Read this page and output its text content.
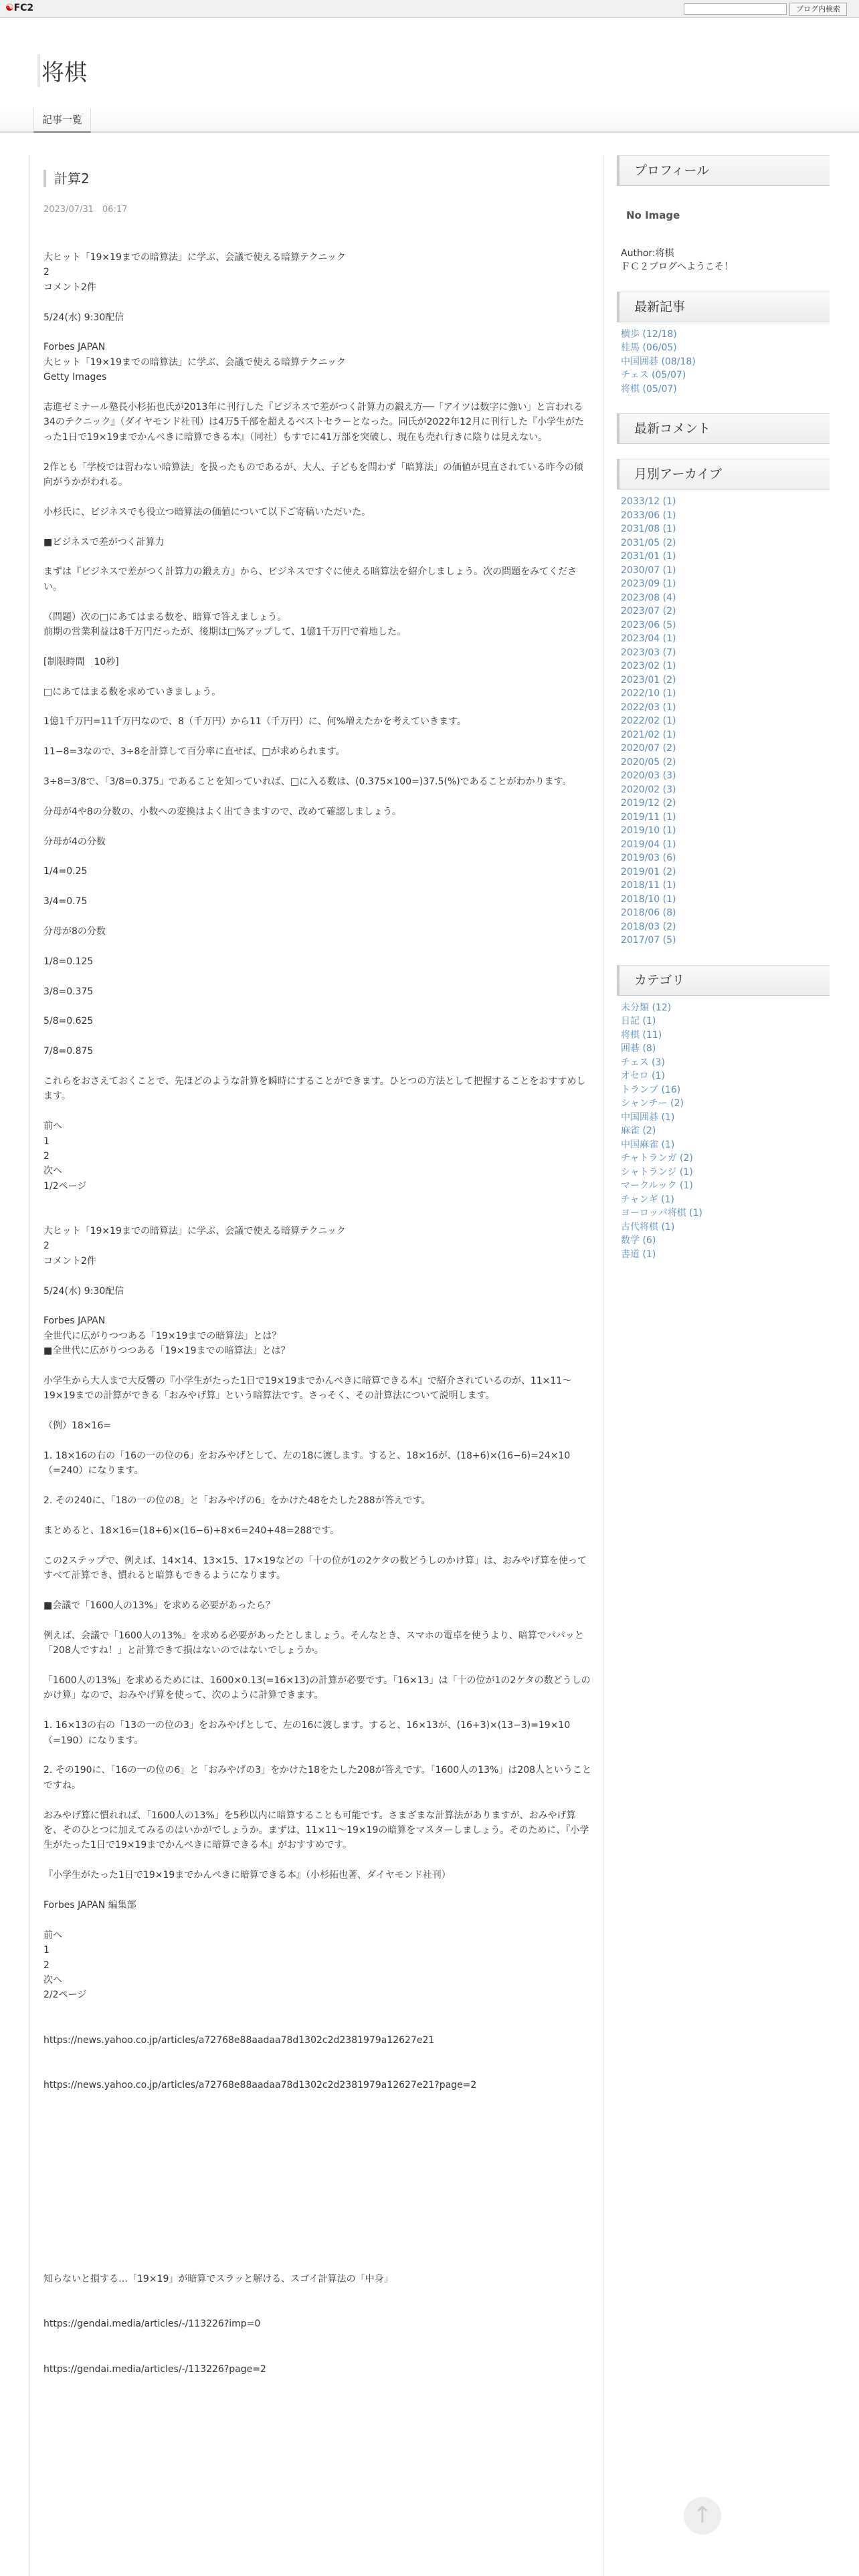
☯FC2	ブログ内検索
将棋
記事一覧
計算2
2023/07/31　06:17

大ヒット「19×19までの暗算法」に学ぶ、会議で使える暗算テクニック
2
コメント2件

5/24(水) 9:30配信

Forbes JAPAN
大ヒット「19×19までの暗算法」に学ぶ、会議で使える暗算テクニック
Getty Images

志進ゼミナール塾長小杉拓也氏が2013年に刊行した『ビジネスで差がつく計算力の鍛え方──「アイツは数字に強い」と言われる34のテクニック』（ダイヤモンド社刊）は4万5千部を超えるベストセラーとなった。同氏が2022年12月に刊行した『小学生がたった1日で19×19までかんぺきに暗算できる本』（同社）もすでに41万部を突破し、現在も売れ行きに陰りは見えない。

2作とも「学校では習わない暗算法」を扱ったものであるが、大人、子どもを問わず「暗算法」の価値が見直されている昨今の傾向がうかがわれる。

小杉氏に、ビジネスでも役立つ暗算法の価値について以下ご寄稿いただいた。

■ビジネスで差がつく計算力

まずは『ビジネスで差がつく計算力の鍛え方』から、ビジネスですぐに使える暗算法を紹介しましょう。次の問題をみてください。

（問題）次の□にあてはまる数を、暗算で答えましょう。
前期の営業利益は8千万円だったが、後期は□%アップして、1億1千万円で着地した。

[制限時間　10秒]

□にあてはまる数を求めていきましょう。

1億1千万円=11千万円なので、8（千万円）から11（千万円）に、何%増えたかを考えていきます。

11−8=3なので、3÷8を計算して百分率に直せば、□が求められます。

3÷8=3/8で、「3/8=0.375」であることを知っていれば、□に入る数は、(0.375×100=)37.5(%)であることがわかります。

分母が4や8の分数の、小数への変換はよく出てきますので、改めて確認しましょう。

分母が4の分数

1/4=0.25

3/4=0.75

分母が8の分数

1/8=0.125

3/8=0.375

5/8=0.625

7/8=0.875

これらをおさえておくことで、先ほどのような計算を瞬時にすることができます。ひとつの方法として把握することをおすすめします。

前へ
1
2
次へ
1/2ページ

大ヒット「19×19までの暗算法」に学ぶ、会議で使える暗算テクニック
2
コメント2件

5/24(水) 9:30配信

Forbes JAPAN
全世代に広がりつつある「19×19までの暗算法」とは？
■全世代に広がりつつある「19×19までの暗算法」とは？

小学生から大人まで大反響の『小学生がたった1日で19×19までかんぺきに暗算できる本』で紹介されているのが、11×11〜19×19までの計算ができる「おみやげ算」という暗算法です。さっそく、その計算法について説明します。

（例）18×16=

1. 18×16の右の「16の一の位の6」をおみやげとして、左の18に渡します。すると、18×16が、(18+6)×(16−6)=24×10（=240）になります。

2. その240に、「18の一の位の8」と「おみやげの6」をかけた48をたした288が答えです。

まとめると、18×16=(18+6)×(16−6)+8×6=240+48=288です。

この2ステップで、例えば、14×14、13×15、17×19などの「十の位が1の2ケタの数どうしのかけ算」は、おみやげ算を使ってすべて計算でき、慣れると暗算もできるようになります。

■会議で「1600人の13%」を求める必要があったら？

例えば、会議で「1600人の13%」を求める必要があったとしましょう。そんなとき、スマホの電卓を使うより、暗算でパパッと「208人ですね！」と計算できて損はないのではないでしょうか。

「1600人の13%」を求めるためには、1600×0.13(=16×13)の計算が必要です。「16×13」は「十の位が1の2ケタの数どうしのかけ算」なので、おみやげ算を使って、次のように計算できます。

1. 16×13の右の「13の一の位の3」をおみやげとして、左の16に渡します。すると、16×13が、(16+3)×(13−3)=19×10（=190）になります。

2. その190に、「16の一の位の6」と「おみやげの3」をかけた18をたした208が答えです。「1600人の13%」は208人ということですね。

おみやげ算に慣れれば、「1600人の13%」を5秒以内に暗算することも可能です。さまざまな計算法がありますが、おみやげ算を、そのひとつに加えてみるのはいかがでしょうか。まずは、11×11〜19×19の暗算をマスターしましょう。そのために、『小学生がたった1日で19×19までかんぺきに暗算できる本』がおすすめです。

『小学生がたった1日で19×19までかんぺきに暗算できる本』（小杉拓也著、ダイヤモンド社刊）

Forbes JAPAN 編集部

前へ
1
2
次へ
2/2ページ

https://news.yahoo.co.jp/articles/a72768e88aadaa78d1302c2d2381979a12627e21

https://news.yahoo.co.jp/articles/a72768e88aadaa78d1302c2d2381979a12627e21?page=2

知らないと損する…「19×19」が暗算でスラッと解ける、スゴイ計算法の「中身」

https://gendai.media/articles/-/113226?imp=0

https://gendai.media/articles/-/113226?page=2

↑
プロフィール
No Image
Author:将棋
ＦＣ２ブログへようこそ！
最新記事
横歩 (12/18)
桂馬 (06/05)
中国囲碁 (08/18)
チェス (05/07)
将棋 (05/07)
最新コメント
月別アーカイブ
2033/12 (1)
2033/06 (1)
2031/08 (1)
2031/05 (2)
2031/01 (1)
2030/07 (1)
2023/09 (1)
2023/08 (4)
2023/07 (2)
2023/06 (5)
2023/04 (1)
2023/03 (7)
2023/02 (1)
2023/01 (2)
2022/10 (1)
2022/03 (1)
2022/02 (1)
2021/02 (1)
2020/07 (2)
2020/05 (2)
2020/03 (3)
2020/02 (3)
2019/12 (2)
2019/11 (1)
2019/10 (1)
2019/04 (1)
2019/03 (6)
2019/01 (2)
2018/11 (1)
2018/10 (1)
2018/06 (8)
2018/03 (2)
2017/07 (5)
カテゴリ
未分類 (12)
日記 (1)
将棋 (11)
囲碁 (8)
チェス (3)
オセロ (1)
トランプ (16)
シャンチー (2)
中国囲碁 (1)
麻雀 (2)
中国麻雀 (1)
チャトランガ (2)
シャトランジ (1)
マークルック (1)
チャンギ (1)
ヨーロッパ将棋 (1)
古代将棋 (1)
数学 (6)
書道 (1)
